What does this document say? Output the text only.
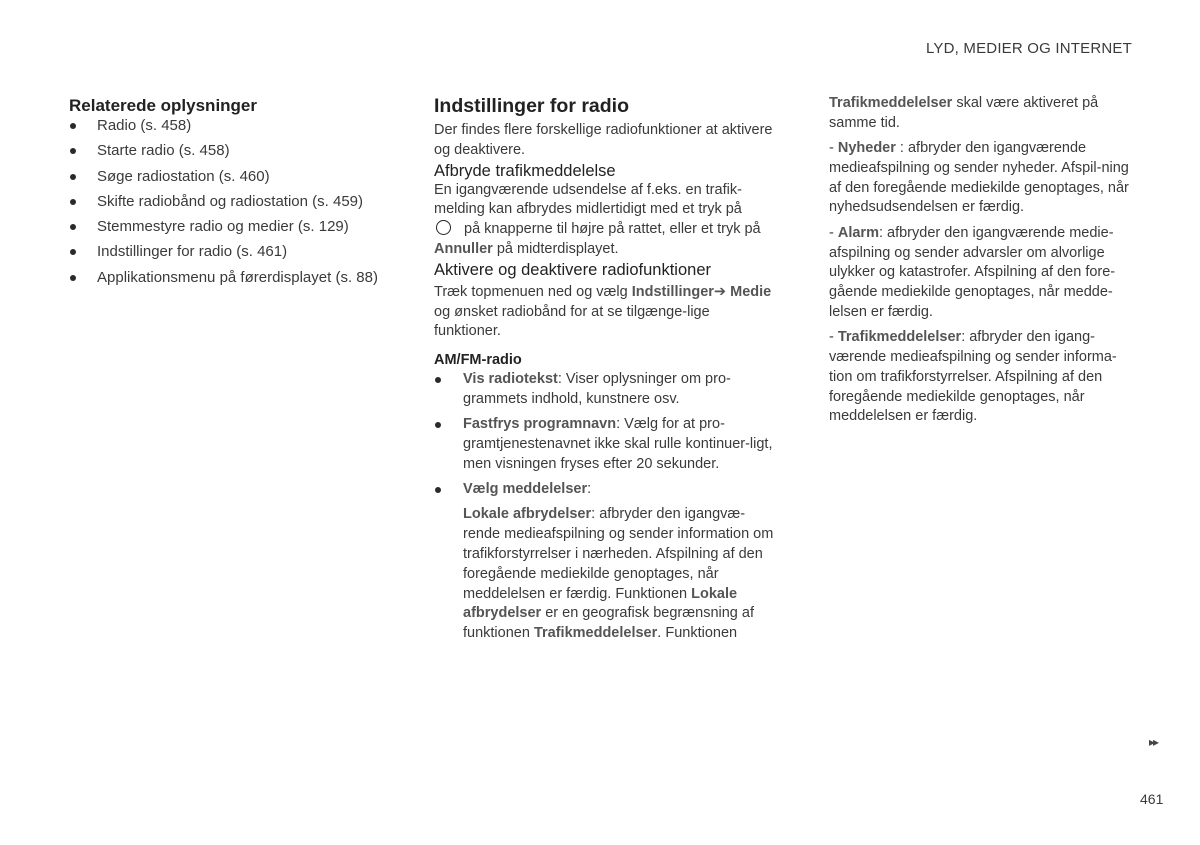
LYD, MEDIER OG INTERNET
Relaterede oplysninger
Radio (s. 458)
Starte radio (s. 458)
Søge radiostation (s. 460)
Skifte radiobånd og radiostation (s. 459)
Stemmestyre radio og medier (s. 129)
Indstillinger for radio (s. 461)
Applikationsmenu på førerdisplayet (s. 88)
Indstillinger for radio

Der findes flere forskellige radiofunktioner at aktivere og deaktivere.

Afbryde trafikmeddelelse

En igangværende udsendelse af f.eks. en trafik-melding kan afbrydes midlertidigt med et tryk på
på knapperne til højre på rattet, eller et tryk på Annuller på midterdisplayet.

Aktivere og deaktivere radiofunktioner

Træk topmenuen ned og vælg Indstillinger➔ Medie og ønsket radiobånd for at se tilgænge-lige funktioner.

AM/FM-radio
Vis radiotekst: Viser oplysninger om pro-grammets indhold, kunstnere osv.
Fastfrys programnavn: Vælg for at pro-gramtjenestenavnet ikke skal rulle kontinuer-ligt, men visningen fryses efter 20 sekunder.
Vælg meddelelser:
Lokale afbrydelser: afbryder den igangvæ-rende medieafspilning og sender information om trafikforstyrrelser i nærheden. Afspilning af den foregående mediekilde genoptages, når meddelelsen er færdig. Funktionen Lokale afbrydelser er en geografisk begrænsning af funktionen Trafikmeddelelser. Funktionen

Trafikmeddelelser skal være aktiveret på samme tid.

- Nyheder : afbryder den igangværende medieafspilning og sender nyheder. Afspil-ning af den foregående mediekilde genoptages, når nyhedsudsendelsen er færdig.

- Alarm: afbryder den igangværende medie-afspilning og sender advarsler om alvorlige ulykker og katastrofer. Afspilning af den fore-gående mediekilde genoptages, når medde-lelsen er færdig.

- Trafikmeddelelser: afbryder den igang-værende medieafspilning og sender informa-tion om trafikforstyrrelser. Afspilning af den foregående mediekilde genoptages, når meddelelsen er færdig.

▸▸
461
